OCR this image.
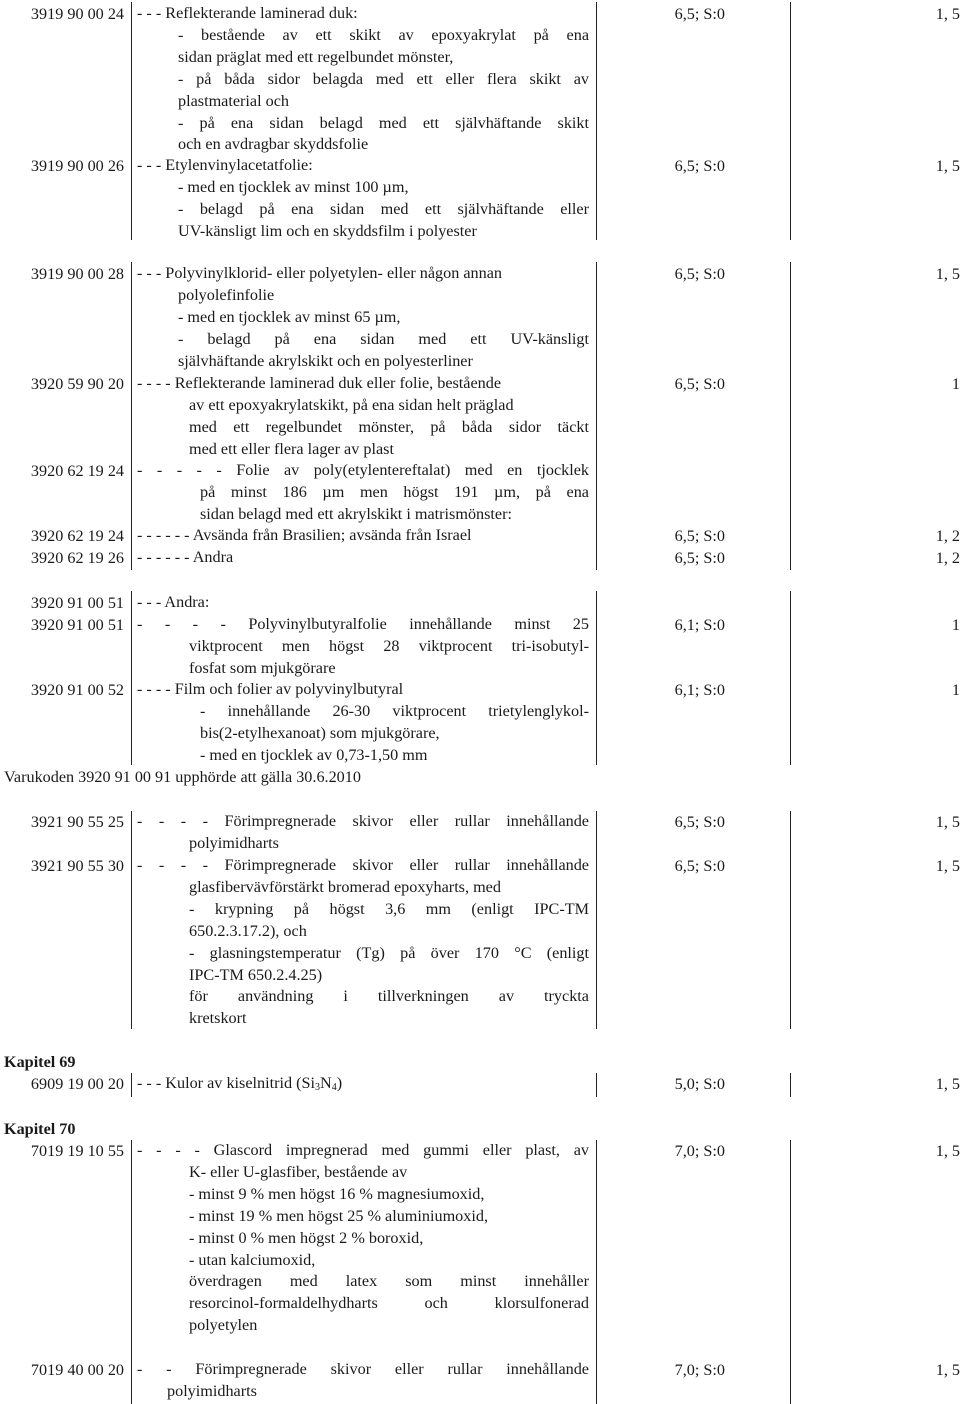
3919 90 00 24 - - - Reflekterande laminerad duk:
- bestående av ett skikt av epoxyakrylat på ena
sidan präglat med ett regelbundet mönster,
- på båda sidor belagda med ett eller flera skikt av
plastmaterial och
- på ena sidan belagd med ett självhäftande skikt
och en avdragbar skyddsfolie
6,5; S:0	1, 5
3919 90 00 26 - - - Etylenvinylacetatfolie:
- med en tjocklek av minst 100 µm,
- belagd på ena sidan med ett självhäftande eller
UV-känsligt lim och en skyddsfilm i polyester
6,5; S:0	1, 5
3919 90 00 28 - - - Polyvinylklorid- eller polyetylen- eller någon annan
polyolefinfolie
- med en tjocklek av minst 65 µm,
- belagd på ena sidan med ett UV-känsligt
självhäftande akrylskikt och en polyesterliner
6,5; S:0	1, 5
3920 59 90 20 - - - - Reflekterande laminerad duk eller folie, bestående
av ett epoxyakrylatskikt, på ena sidan helt präglad
med ett regelbundet mönster, på båda sidor täckt
med ett eller flera lager av plast
6,5; S:0	1
3920 62 19 24 - - - - - Folie av poly(etylentereftalat) med en tjocklek
på minst 186 µm men högst 191 µm, på ena
sidan belagd med ett akrylskikt i matrismönster:
3920 62 19 24 - - - - - - Avsända från Brasilien; avsända från Israel	6,5; S:0	1, 2
3920 62 19 26 - - - - - - Andra	6,5; S:0	1, 2
3920 91 00 51 - - - Andra:
3920 91 00 51 - - - - Polyvinylbutyralfolie innehållande minst 25
viktprocent men högst 28 viktprocent tri-isobutyl-
fosfat som mjukgörare
6,1; S:0	1
3920 91 00 52 - - - - Film och folier av polyvinylbutyral
- innehållande 26-30 viktprocent trietylenglykol-
bis(2-etylhexanoat) som mjukgörare,
- med en tjocklek av 0,73-1,50 mm
6,1; S:0	1
Varukoden 3920 91 00 91 upphörde att gälla 30.6.2010
3921 90 55 25 - - - - Förimpregnerade skivor eller rullar innehållande
polyimidharts
6,5; S:0	1, 5
3921 90 55 30 - - - - Förimpregnerade skivor eller rullar innehållande
glasfibervävförstärkt bromerad epoxyharts, med
- krypning på högst 3,6 mm (enligt IPC-TM
650.2.3.17.2), och
- glasningstemperatur (Tg) på över 170 °C (enligt
IPC-TM 650.2.4.25)
för användning i tillverkningen av tryckta
kretskort
6,5; S:0	1, 5
Kapitel 69
6909 19 00 20 - - - Kulor av kiselnitrid $(Si_3N_4)$	5,0; S:0	1, 5
Kapitel 70
7019 19 10 55 - - - - Glascord impregnerad med gummi eller plast, av
K- eller U-glasfiber, bestående av
- minst 9 % men högst 16 % magnesiumoxid,
- minst 19 % men högst 25 % aluminiumoxid,
- minst 0 % men högst 2 % boroxid,
- utan kalciumoxid,
överdragen med latex som minst innehåller
resorcinol-formaldelhydharts och klorsulfonerad
polyetylen
7,0; S:0	1, 5
7019 40 00 20 - - Förimpregnerade skivor eller rullar innehållande
polyimidharts
7,0; S:0	1, 5
